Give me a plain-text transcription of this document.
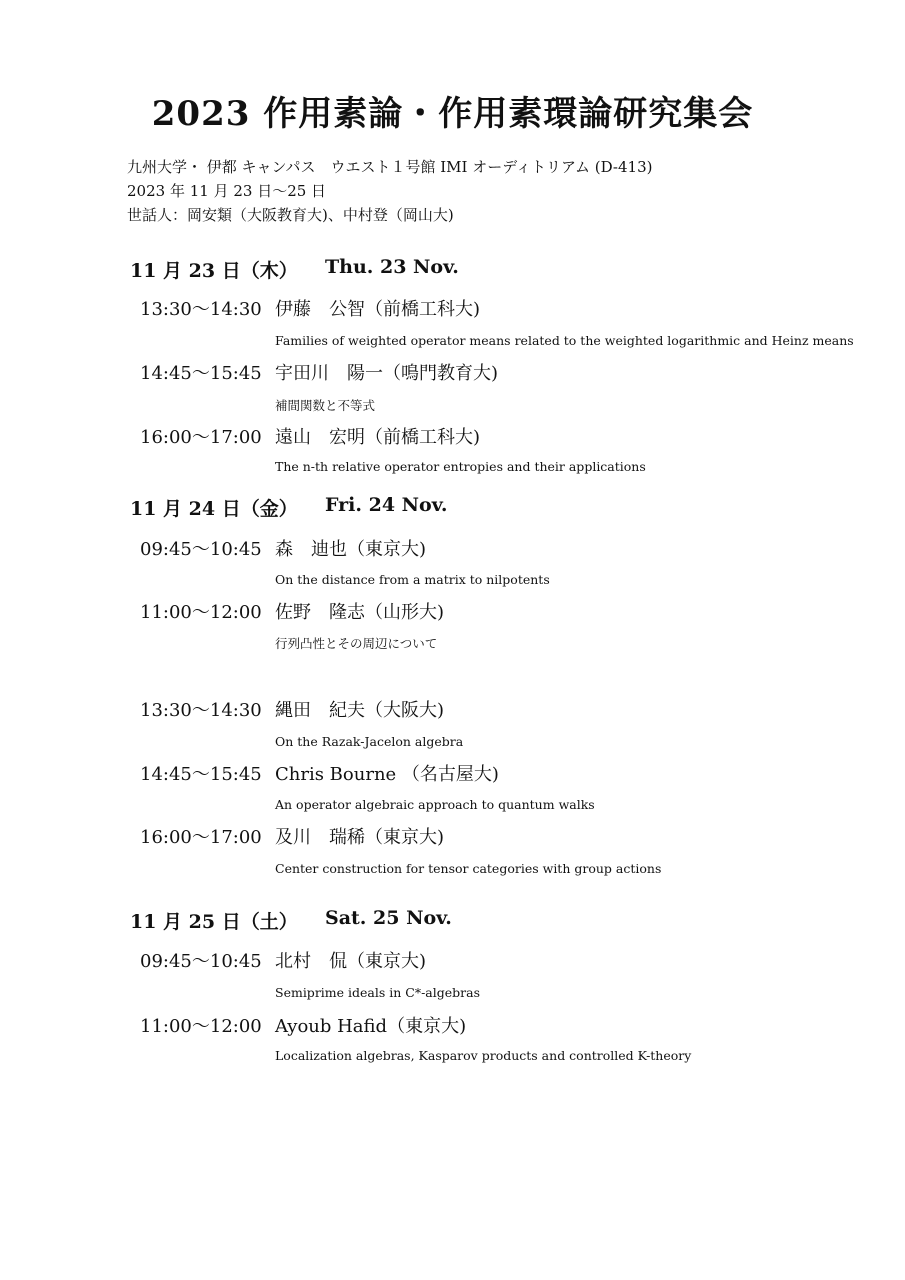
2023 作用素論・作用素環論研究集会
九州大学・ 伊都 キャンパス　ウエスト１号館 IMI オーディトリアム (D-413)
2023 年 11 月 23 日〜25 日
世話人：岡安類（大阪教育大)、中村登（岡山大)
11 月 23 日（木） Thu. 23 Nov.
13:30〜14:30 伊藤　公智（前橋工科大)
Families of weighted operator means related to the weighted logarithmic and Heinz means
14:45〜15:45 宇田川　陽一（鳴門教育大)
補間関数と不等式
16:00〜17:00 遠山　宏明（前橋工科大)
The n-th relative operator entropies and their applications
11 月 24 日（金） Fri. 24 Nov.
09:45〜10:45 森　迪也（東京大)
On the distance from a matrix to nilpotents
11:00〜12:00 佐野　隆志（山形大)
行列凸性とその周辺について
13:30〜14:30 縄田　紀夫（大阪大)
On the Razak-Jacelon algebra
14:45〜15:45 Chris Bourne （名古屋大)
An operator algebraic approach to quantum walks
16:00〜17:00 及川　瑞稀（東京大)
Center construction for tensor categories with group actions
11 月 25 日（土） Sat. 25 Nov.
09:45〜10:45 北村　侃（東京大)
Semiprime ideals in C*-algebras
11:00〜12:00 Ayoub Hafid（東京大)
Localization algebras, Kasparov products and controlled K-theory
